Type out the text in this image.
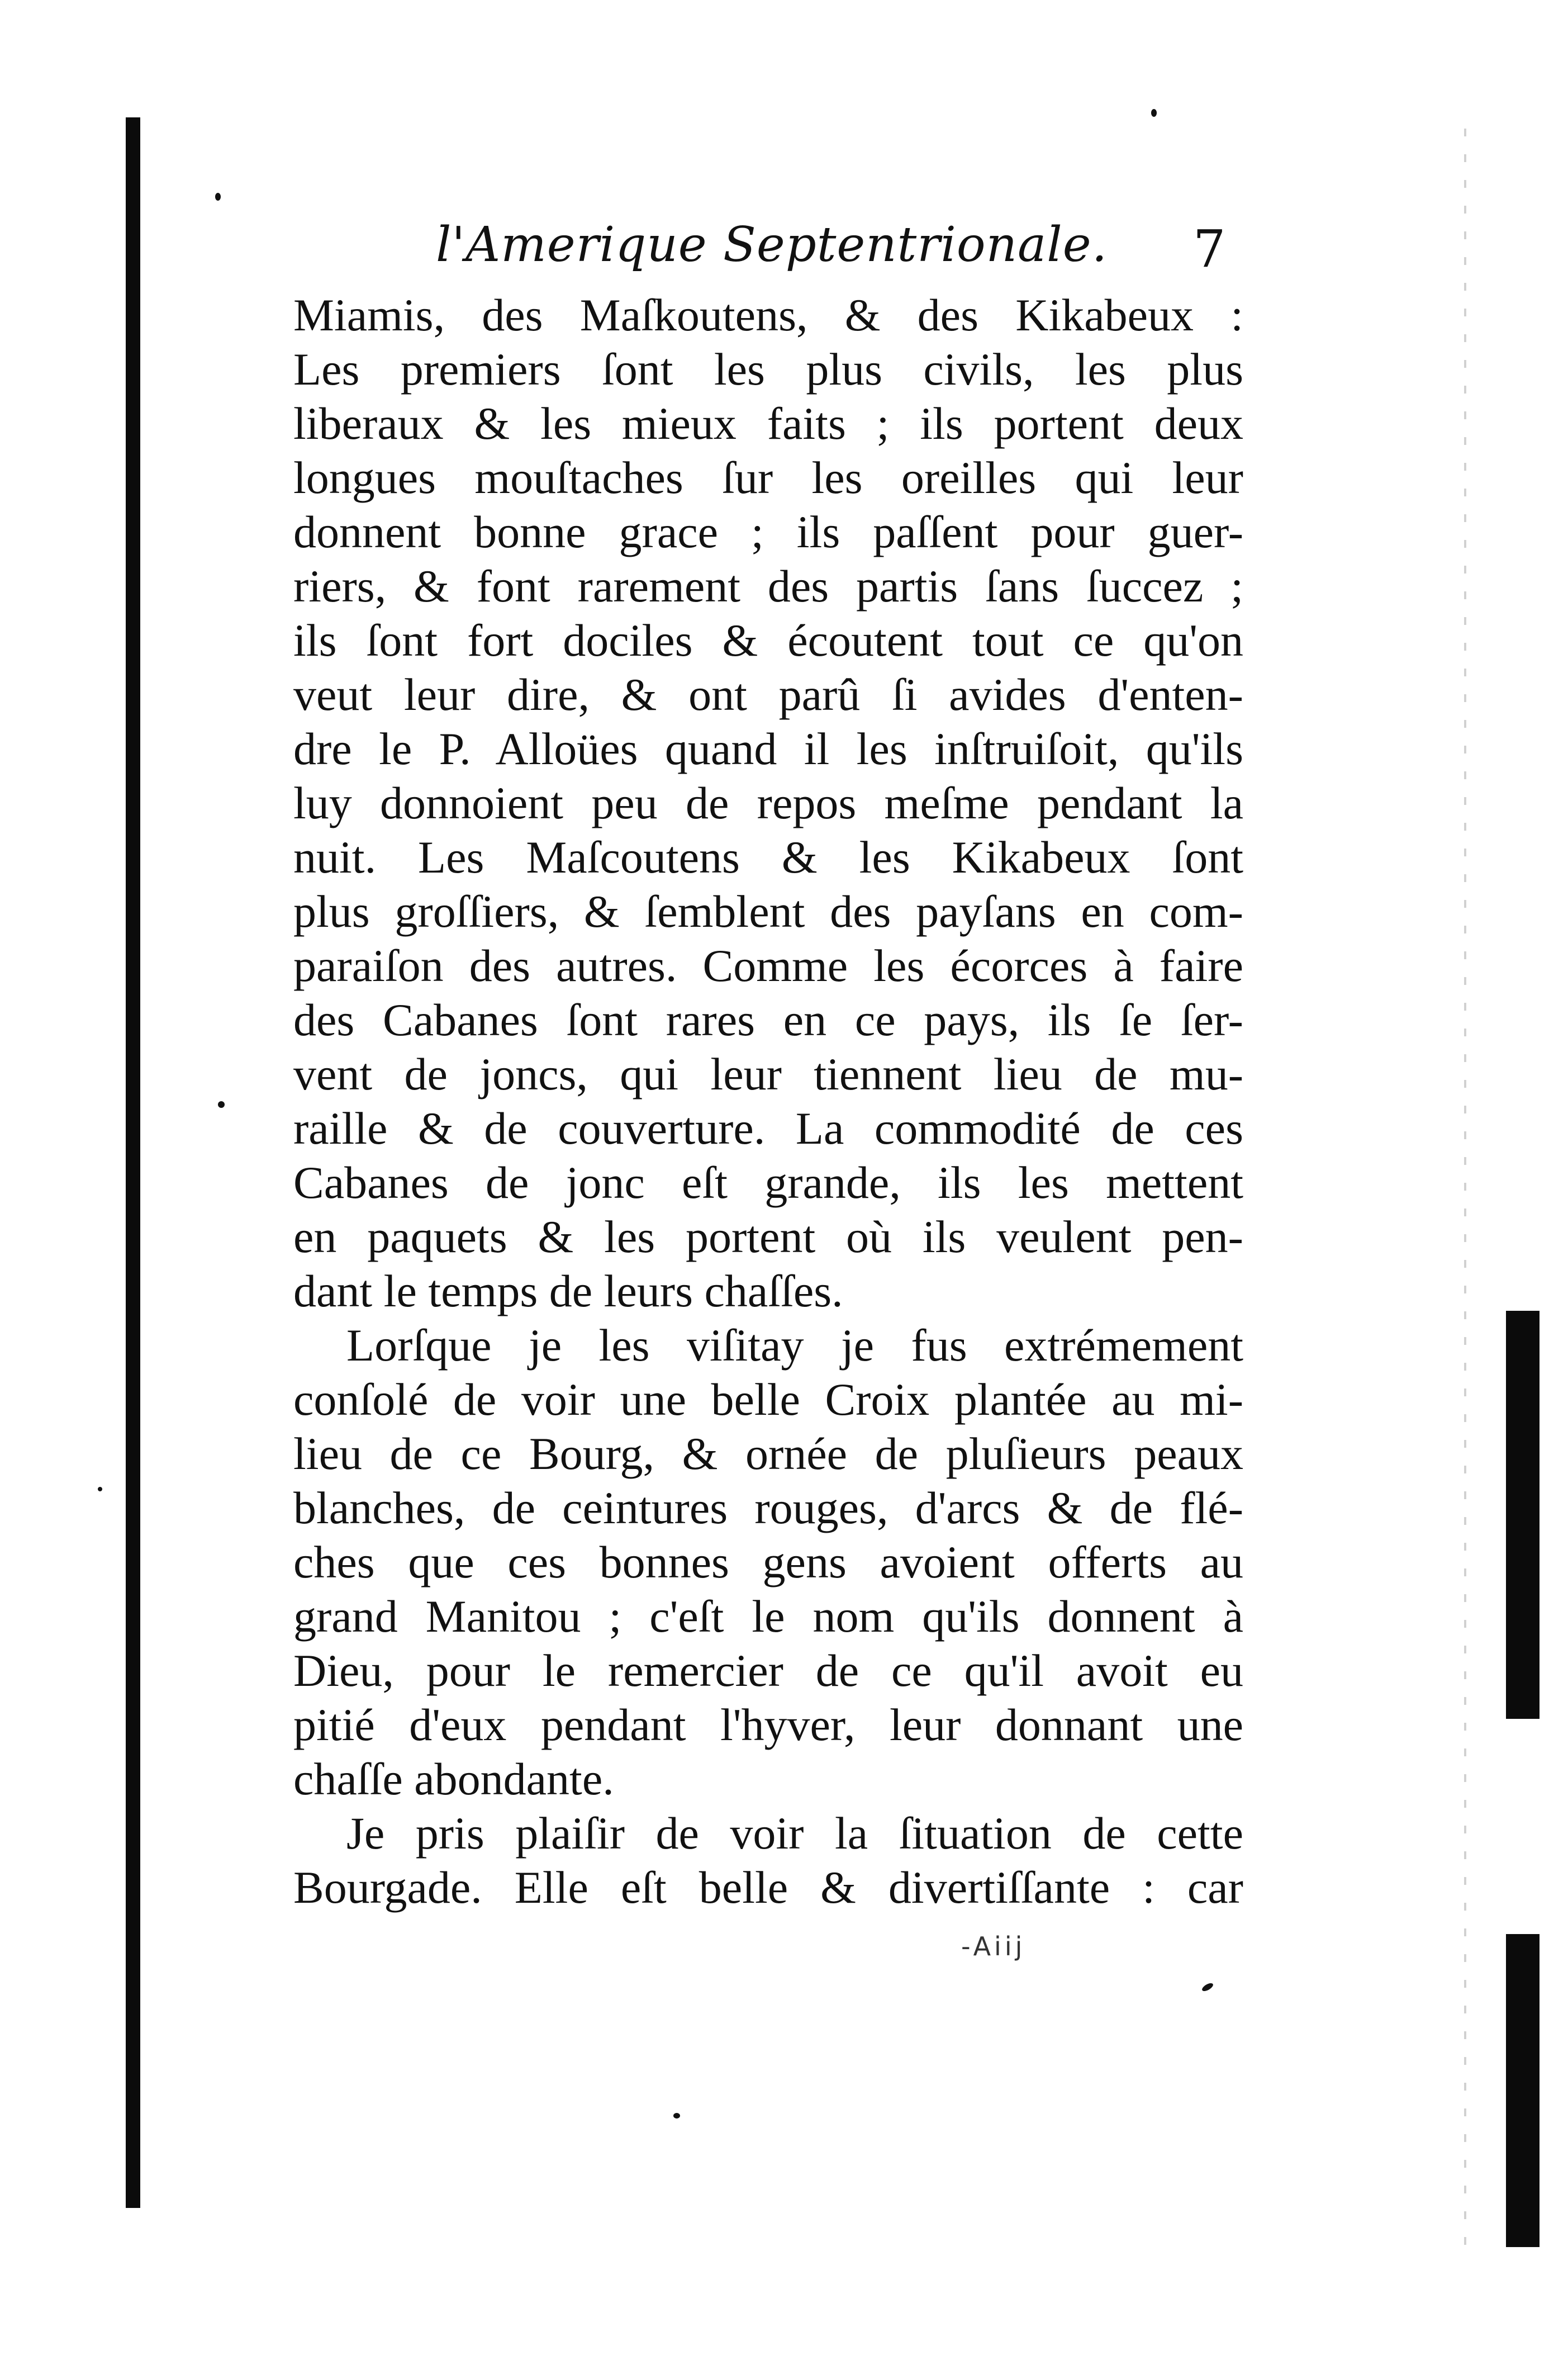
l'Amerique Septentrionale. 7
Miamis, des Maſkoutens, & des Kikabeux :
Les premiers ſont les plus civils, les plus
liberaux & les mieux faits ; ils portent deux
longues mouſtaches ſur les oreilles qui leur
donnent bonne grace ; ils paſſent pour guer-
riers, & font rarement des partis ſans ſuccez ;
ils ſont fort dociles & écoutent tout ce qu'on
veut leur dire, & ont parû ſi avides d'enten-
dre le P. Alloües quand il les inſtruiſoit, qu'ils
luy donnoient peu de repos meſme pendant la
nuit. Les Maſcoutens & les Kikabeux ſont
plus groſſiers, & ſemblent des payſans en com-
paraiſon des autres. Comme les écorces à faire
des Cabanes ſont rares en ce pays, ils ſe ſer-
vent de joncs, qui leur tiennent lieu de mu-
raille & de couverture. La commodité de ces
Cabanes de jonc eſt grande, ils les mettent
en paquets & les portent où ils veulent pen-
dant le temps de leurs chaſſes.
Lorſque je les viſitay je fus extrémement
conſolé de voir une belle Croix plantée au mi-
lieu de ce Bourg, & ornée de pluſieurs peaux
blanches, de ceintures rouges, d'arcs & de flé-
ches que ces bonnes gens avoient offerts au
grand Manitou ; c'eſt le nom qu'ils donnent à
Dieu, pour le remercier de ce qu'il avoit eu
pitié d'eux pendant l'hyver, leur donnant une
chaſſe abondante.
Je pris plaiſir de voir la ſituation de cette
Bourgade. Elle eſt belle & divertiſſante : car
-Aiij
